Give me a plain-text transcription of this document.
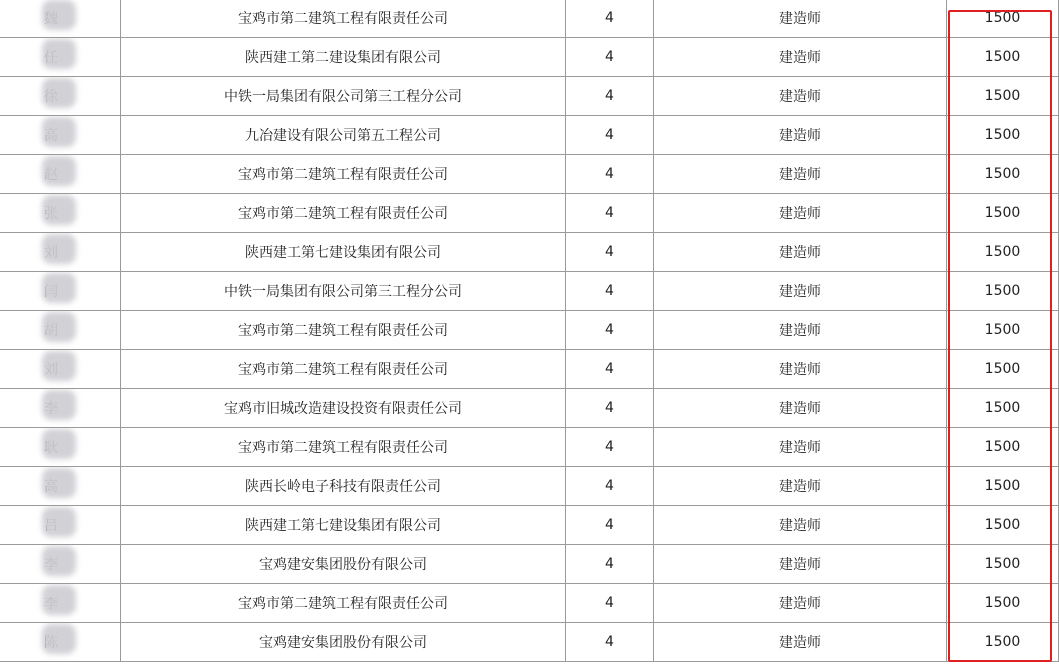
	宝鸡市第二建筑工程有限责任公司	4	建造师	1500

	陕西建工第二建设集团有限公司	4	建造师	1500

	中铁一局集团有限公司第三工程分公司	4	建造师	1500

	九冶建设有限公司第五工程公司	4	建造师	1500

	宝鸡市第二建筑工程有限责任公司	4	建造师	1500

	宝鸡市第二建筑工程有限责任公司	4	建造师	1500

	陕西建工第七建设集团有限公司	4	建造师	1500

	中铁一局集团有限公司第三工程分公司	4	建造师	1500

	宝鸡市第二建筑工程有限责任公司	4	建造师	1500

	宝鸡市第二建筑工程有限责任公司	4	建造师	1500

	宝鸡市旧城改造建设投资有限责任公司	4	建造师	1500

	宝鸡市第二建筑工程有限责任公司	4	建造师	1500

	陕西长岭电子科技有限责任公司	4	建造师	1500

	陕西建工第七建设集团有限公司	4	建造师	1500

	宝鸡建安集团股份有限公司	4	建造师	1500

	宝鸡市第二建筑工程有限责任公司	4	建造师	1500

	宝鸡建安集团股份有限公司	4	建造师	1500
